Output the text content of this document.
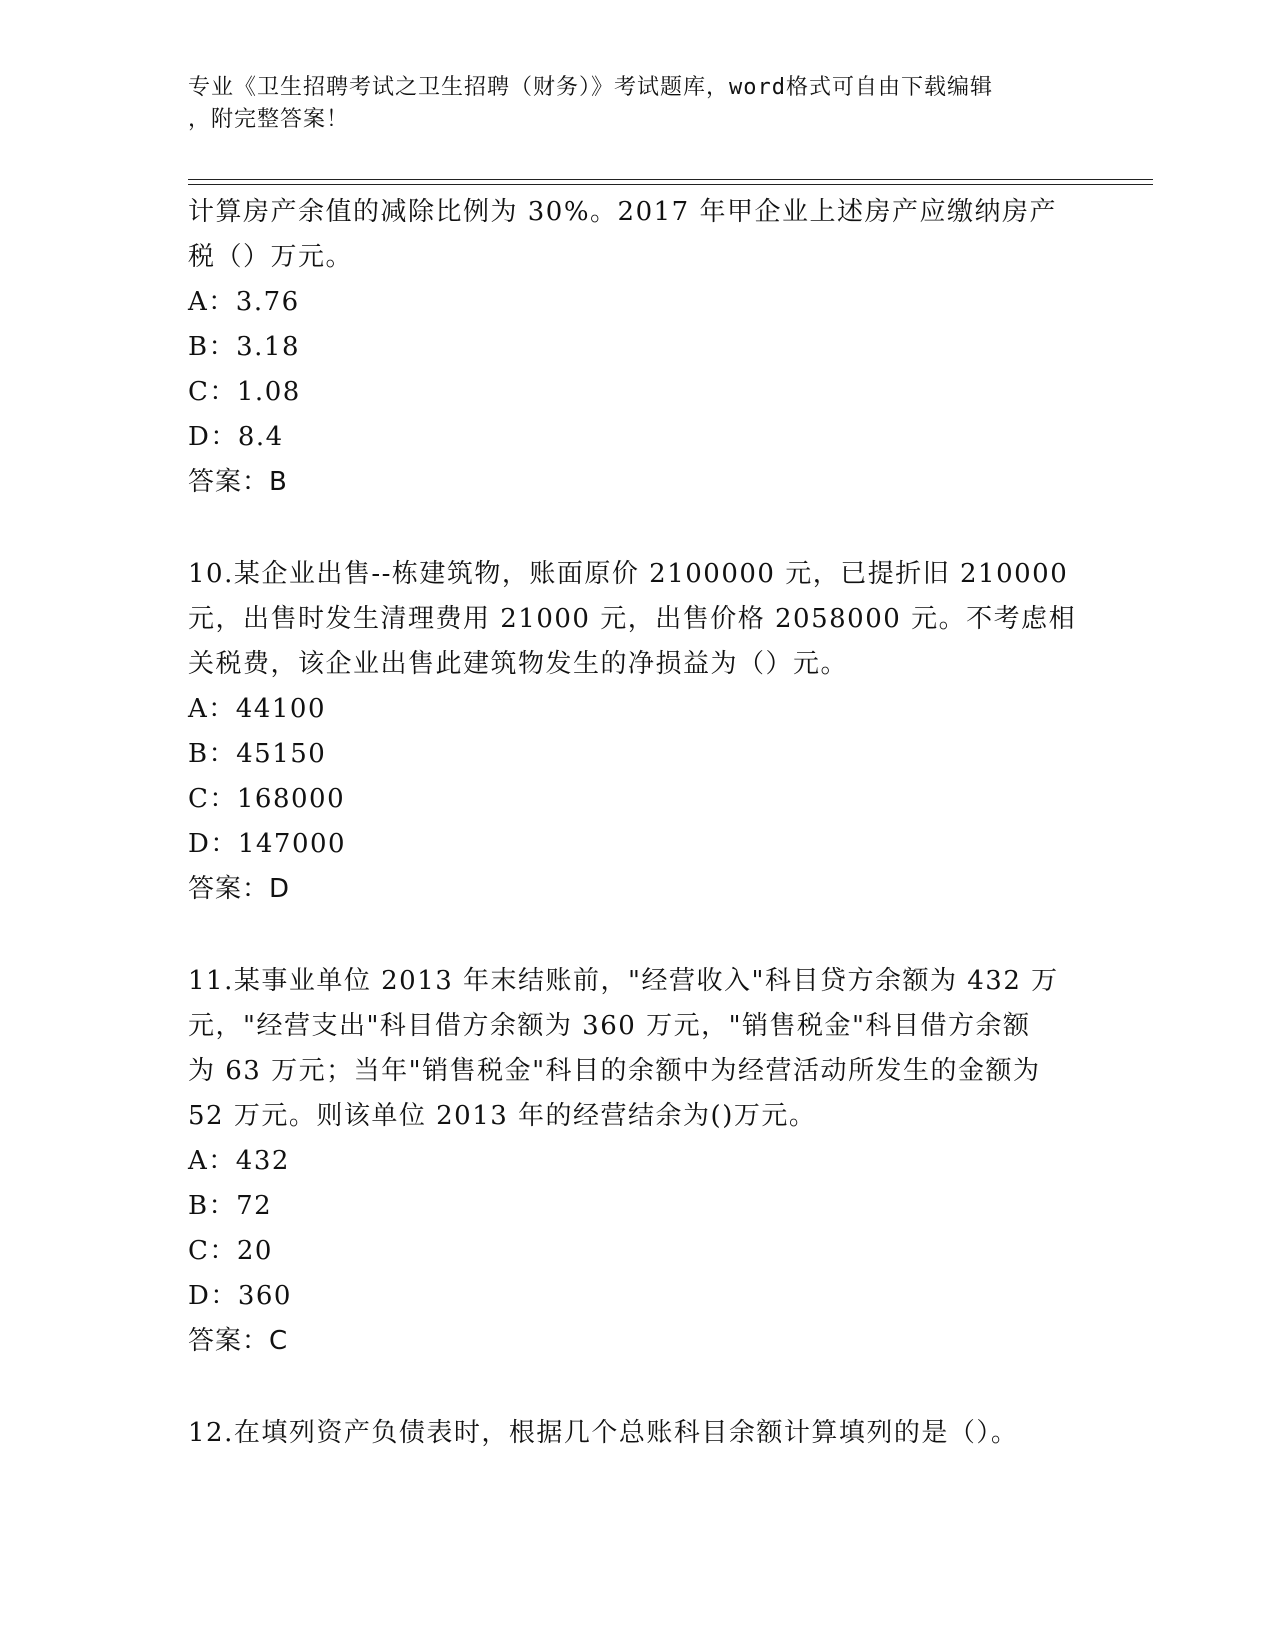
专业《卫生招聘考试之卫生招聘（财务）》考试题库，word格式可自由下载编辑
，附完整答案！

计算房产余值的减除比例为 30%。2017 年甲企业上述房产应缴纳房产

税（）万元。

A：3.76

B：3.18

C：1.08

D：8.4

答案：B

10.某企业出售--栋建筑物，账面原价 2100000 元，已提折旧 210000

元，出售时发生清理费用 21000 元，出售价格 2058000 元。不考虑相

关税费，该企业出售此建筑物发生的净损益为（）元。

A：44100

B：45150

C：168000

D：147000

答案：D

11.某事业单位 2013 年末结账前，"经营收入"科目贷方余额为 432 万

元，"经营支出"科目借方余额为 360 万元，"销售税金"科目借方余额

为 63 万元；当年"销售税金"科目的余额中为经营活动所发生的金额为

52 万元。则该单位 2013 年的经营结余为()万元。

A：432

B：72

C：20

D：360

答案：C

12.在填列资产负债表时，根据几个总账科目余额计算填列的是（）。
